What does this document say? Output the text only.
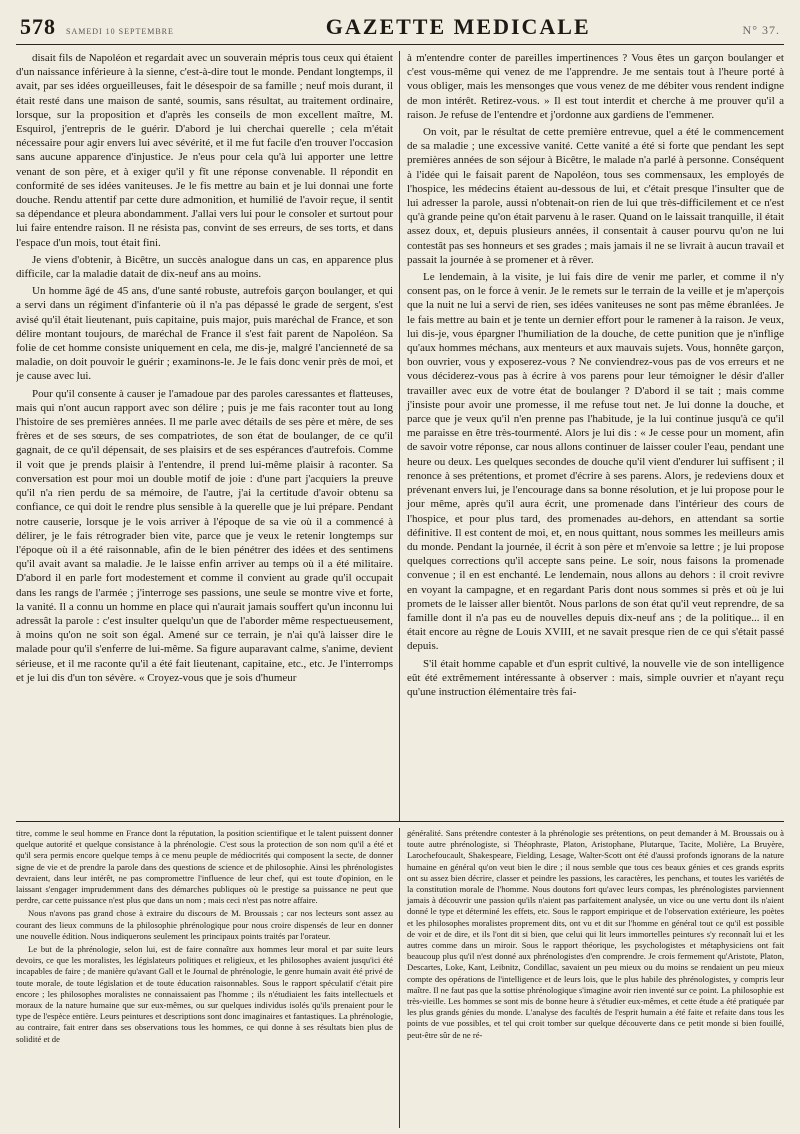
578 SAMEDI 10 SEPTEMBRE	GAZETTE MEDICALE	N° 37.

disait fils de Napoléon et regardait avec un souverain mépris tous ceux qui étaient d'un naissance inférieure à la sienne, c'est-à-dire tout le monde. Pendant longtemps, il avait, par ses idées orgueilleuses, fait le désespoir de sa famille ; neuf mois durant, il était resté dans une maison de santé, soumis, sans résultat, au traitement ordinaire, lorsque, sur la proposition et d'après les conseils de mon excellent maître, M. Esquirol, j'entrepris de le guérir. D'abord je lui cherchai querelle ; cela m'était nécessaire pour agir envers lui avec sévérité, et il me fut facile d'en trouver l'occasion sans aucune apparence d'injustice. Je n'eus pour cela qu'à lui apporter une lettre venant de son père, et à exiger qu'il y fît une réponse convenable. Il répondit en conformité de ses idées vaniteuses. Je le fis mettre au bain et je lui donnai une forte douche. Rendu attentif par cette dure admonition, et humilié de l'avoir reçue, il sentit sa dépendance et pleura abondamment. J'allai vers lui pour le consoler et surtout pour lui faire entendre raison. Il ne résista pas, convint de ses erreurs, de ses torts, et dans l'espace d'un mois, tout était fini.

Je viens d'obtenir, à Bicêtre, un succès analogue dans un cas, en apparence plus difficile, car la maladie datait de dix-neuf ans au moins.

Un homme âgé de 45 ans, d'une santé robuste, autrefois garçon boulanger, et qui a servi dans un régiment d'infanterie où il n'a pas dépassé le grade de sergent, s'est avisé qu'il était lieutenant, puis capitaine, puis major, puis maréchal de France, et son délire montant toujours, de maréchal de France il s'est fait parent de Napoléon. Sa folie de cet homme consiste uniquement en cela, me dis-je, malgré l'ancienneté de sa maladie, on doit pouvoir le guérir ; examinons-le. Je le fais donc venir près de moi, et je cause avec lui.

Pour qu'il consente à causer je l'amadoue par des paroles caressantes et flatteuses, mais qui n'ont aucun rapport avec son délire ; puis je me fais raconter tout au long l'histoire de ses premières années. Il me parle avec détails de ses père et mère, de ses frères et de ses sœurs, de ses compatriotes, de son état de boulanger, de ce qu'il gagnait, de ce qu'il dépensait, de ses plaisirs et de ses espérances d'autrefois. Comme il voit que je prends plaisir à l'entendre, il prend lui-même plaisir à raconter. Sa conversation est pour moi un double motif de joie : d'une part j'acquiers la preuve qu'il n'a rien perdu de sa mémoire, de l'autre, j'ai la certitude d'avoir obtenu sa confiance, ce qui doit le rendre plus sensible à la querelle que je lui prépare. Pendant notre causerie, lorsque je le vois arriver à l'époque de sa vie où il a commencé à délirer, je le fais rétrograder bien vite, parce que je veux le retenir longtemps sur l'époque où il a été raisonnable, afin de le bien pénétrer des idées et des sentimens qu'il avait avant sa maladie. Je le laisse enfin arriver au temps où il a été militaire. D'abord il en parle fort modestement et comme il convient au grade qu'il occupait dans les rangs de l'armée ; j'interroge ses passions, une seule se montre vive et forte, la vanité. Il a connu un homme en place qui n'aurait jamais souffert qu'un inconnu lui adressât la parole : c'est insulter quelqu'un que de l'aborder même respectueusement, à moins qu'on ne soit son égal. Amené sur ce terrain, je n'ai qu'à laisser dire le malade pour qu'il s'enferre de lui-même. Sa figure auparavant calme, s'anime, devient sérieuse, et il me raconte qu'il a été fait lieutenant, capitaine, etc., etc. Je l'interromps et je lui dis d'un ton sévère. « Croyez-vous que je sois d'humeur

à m'entendre conter de pareilles impertinences ? Vous êtes un garçon boulanger et c'est vous-même qui venez de me l'apprendre. Je me sentais tout à l'heure porté à vous obliger, mais les mensonges que vous venez de me débiter vous rendent indigne de mon intérêt. Retirez-vous. » Il est tout interdit et cherche à me prouver qu'il a raison. Je refuse de l'entendre et j'ordonne aux gardiens de l'emmener.

On voit, par le résultat de cette première entrevue, quel a été le commencement de sa maladie ; une excessive vanité. Cette vanité a été si forte que pendant les sept premières années de son séjour à Bicêtre, le malade n'a parlé à personne. Conséquent à l'idée qui le faisait parent de Napoléon, tous ses commensaux, les employés de l'hospice, les médecins étaient au-dessous de lui, et c'était presque l'insulter que de lui adresser la parole, aussi n'obtenait-on rien de lui que très-difficilement et ce n'est qu'à grande peine qu'on était parvenu à le raser. Quand on le laissait tranquille, il était assez doux, et, depuis plusieurs années, il consentait à causer pourvu qu'on ne lui contestât pas ses honneurs et ses grades ; mais jamais il ne se livrait à aucun travail et passait la journée à se promener et à rêver.

Le lendemain, à la visite, je lui fais dire de venir me parler, et comme il n'y consent pas, on le force à venir. Je le remets sur le terrain de la veille et je m'aperçois que la nuit ne lui a servi de rien, ses idées vaniteuses ne sont pas même ébranlées. Je le fais mettre au bain et je tente un dernier effort pour le ramener à la raison. Je veux, lui dis-je, vous épargner l'humiliation de la douche, de cette punition que je n'inflige qu'aux hommes méchans, aux menteurs et aux mauvais sujets. Vous, honnête garçon, bon ouvrier, vous y exposerez-vous ? Ne conviendrez-vous pas de vos erreurs et ne vous déciderez-vous pas à écrire à vos parens pour leur témoigner le désir d'aller travailler avec eux de votre état de boulanger ? D'abord il se tait ; mais comme j'insiste pour avoir une promesse, il me refuse tout net. Je lui donne la douche, et parce que je veux qu'il n'en prenne pas l'habitude, je la lui continue jusqu'à ce qu'il me paraisse en être très-tourmenté. Alors je lui dis : « Je cesse pour un moment, afin de savoir votre réponse, car nous allons continuer de laisser couler l'eau, pendant une heure ou deux. Les quelques secondes de douche qu'il vient d'endurer lui suffisent ; il renonce à ses prétentions, et promet d'écrire à ses parens. Alors, je redeviens doux et prévenant envers lui, je l'encourage dans sa bonne résolution, et je lui propose pour le jour même, après qu'il aura écrit, une promenade dans l'intérieur des cours de l'hospice, et pour plus tard, des promenades au-dehors, en attendant sa sortie définitive. Il est content de moi, et, en nous quittant, nous sommes les meilleurs amis du monde. Pendant la journée, il écrit à son père et m'envoie sa lettre ; je lui propose quelques corrections qu'il accepte sans peine. Le soir, nous faisons la promenade convenue ; il en est enchanté. Le lendemain, nous allons au dehors : il croit revivre en voyant la campagne, et en regardant Paris dont nous sommes si près et où je lui promets de le laisser aller bientôt. Nous parlons de son état qu'il veut reprendre, de sa famille dont il n'a pas eu de nouvelles depuis dix-neuf ans ; de la politique... il en était encore au règne de Louis XVIII, et ne savait presque rien de ce qui s'était passé depuis.

S'il était homme capable et d'un esprit cultivé, la nouvelle vie de son intelligence eût été extrêmement intéressante à observer : mais, simple ouvrier et n'ayant reçu qu'une instruction élémentaire très fai-

titre, comme le seul homme en France dont la réputation, la position scientifique et le talent puissent donner quelque autorité et quelque consistance à la phrénologie. C'est sous la protection de son nom qu'il a été et qu'il sera permis encore quelque temps à ce menu peuple de médiocrités qui composent la secte, de donner signe de vie et de prendre la parole dans des questions de science et de philosophie. Ainsi les phrénologistes devraient, dans leur intérêt, ne pas compromettre l'influence de leur chef, qui est toute d'opinion, en le laissant s'engager imprudemment dans des démarches publiques où le prestige sa puissance ne peut que perdre, car cette puissance n'est plus que dans un nom ; mais ceci n'est pas notre affaire.

Nous n'avons pas grand chose à extraire du discours de M. Broussais ; car nos lecteurs sont assez au courant des lieux communs de la philosophie phrénologique pour nous croire dispensés de leur en donner une nouvelle édition. Nous indiquerons seulement les principaux points traités par l'orateur.

Le but de la phrénologie, selon lui, est de faire connaître aux hommes leur moral et par suite leurs devoirs, ce que les moralistes, les législateurs politiques et religieux, et les philosophes avaient jusqu'ici été incapables de faire ; de manière qu'avant Gall et le Journal de phrénologie, le genre humain avait été privé de toute morale, de toute législation et de toute éducation raisonnables. Sous le rapport spéculatif c'était pire encore ; les philosophes moralistes ne connaissaient pas l'homme ; ils n'étudiaient les faits intellectuels et moraux de la nature humaine que sur eux-mêmes, ou sur quelques individus isolés qu'ils prenaient pour le type de l'espèce entière. Leurs peintures et descriptions sont donc imaginaires et fantastiques. La phrénologie, au contraire, fait entrer dans ses observations tous les hommes, ce qui donne à ses résultats bien plus de solidité et de

généralité. Sans prétendre contester à la phrénologie ses prétentions, on peut demander à M. Broussais ou à toute autre phrénologiste, si Théophraste, Platon, Aristophane, Plutarque, Tacite, Molière, La Bruyère, Larochefoucault, Shakespeare, Fielding, Lesage, Walter-Scott ont été d'aussi profonds ignorans de la nature humaine en général qu'on veut bien le dire ; il nous semble que tous ces beaux génies et ces grands esprits ont su assez bien décrire, classer et peindre les passions, les caractères, les penchans, et toutes les variétés de la constitution morale de l'homme. Nous doutons fort qu'avec leurs compas, les phrénologistes parviennent jamais à découvrir une passion qu'ils n'aient pas parfaitement analysée, un vice ou une vertu dont ils n'aient donné le type et déterminé les effets, etc. Sous le rapport empirique et de l'observation extérieure, les poètes et les philosophes moralistes proprement dits, ont vu et dit sur l'homme en général tout ce qu'il est possible de voir et de dire, et ils l'ont dit si bien, que celui qui lit leurs immortelles peintures s'y reconnaît lui et les autres comme dans un miroir. Sous le rapport théorique, les psychologistes et métaphysiciens ont fait beaucoup plus qu'il n'est donné aux phrénologistes d'en comprendre. Je crois fermement qu'Aristote, Platon, Descartes, Loke, Kant, Leibnitz, Condillac, savaient un peu mieux ou du moins se rendaient un peu mieux compte des opérations de l'intelligence et de leurs lois, que le plus habile des phrénologistes, y compris leur maître. Il ne faut pas que la sottise phrénologique s'imagine avoir rien inventé sur ce point. La philosophie est très-vieille. Les hommes se sont mis de bonne heure à s'étudier eux-mêmes, et cette étude a été pratiquée par les plus grands génies du monde. L'analyse des facultés de l'esprit humain a été faite et refaite dans tous les points de vue possibles, et tel qui croit tomber sur quelque découverte dans ce petit monde si bien fouillé, peut-être sûr de ne ré-
